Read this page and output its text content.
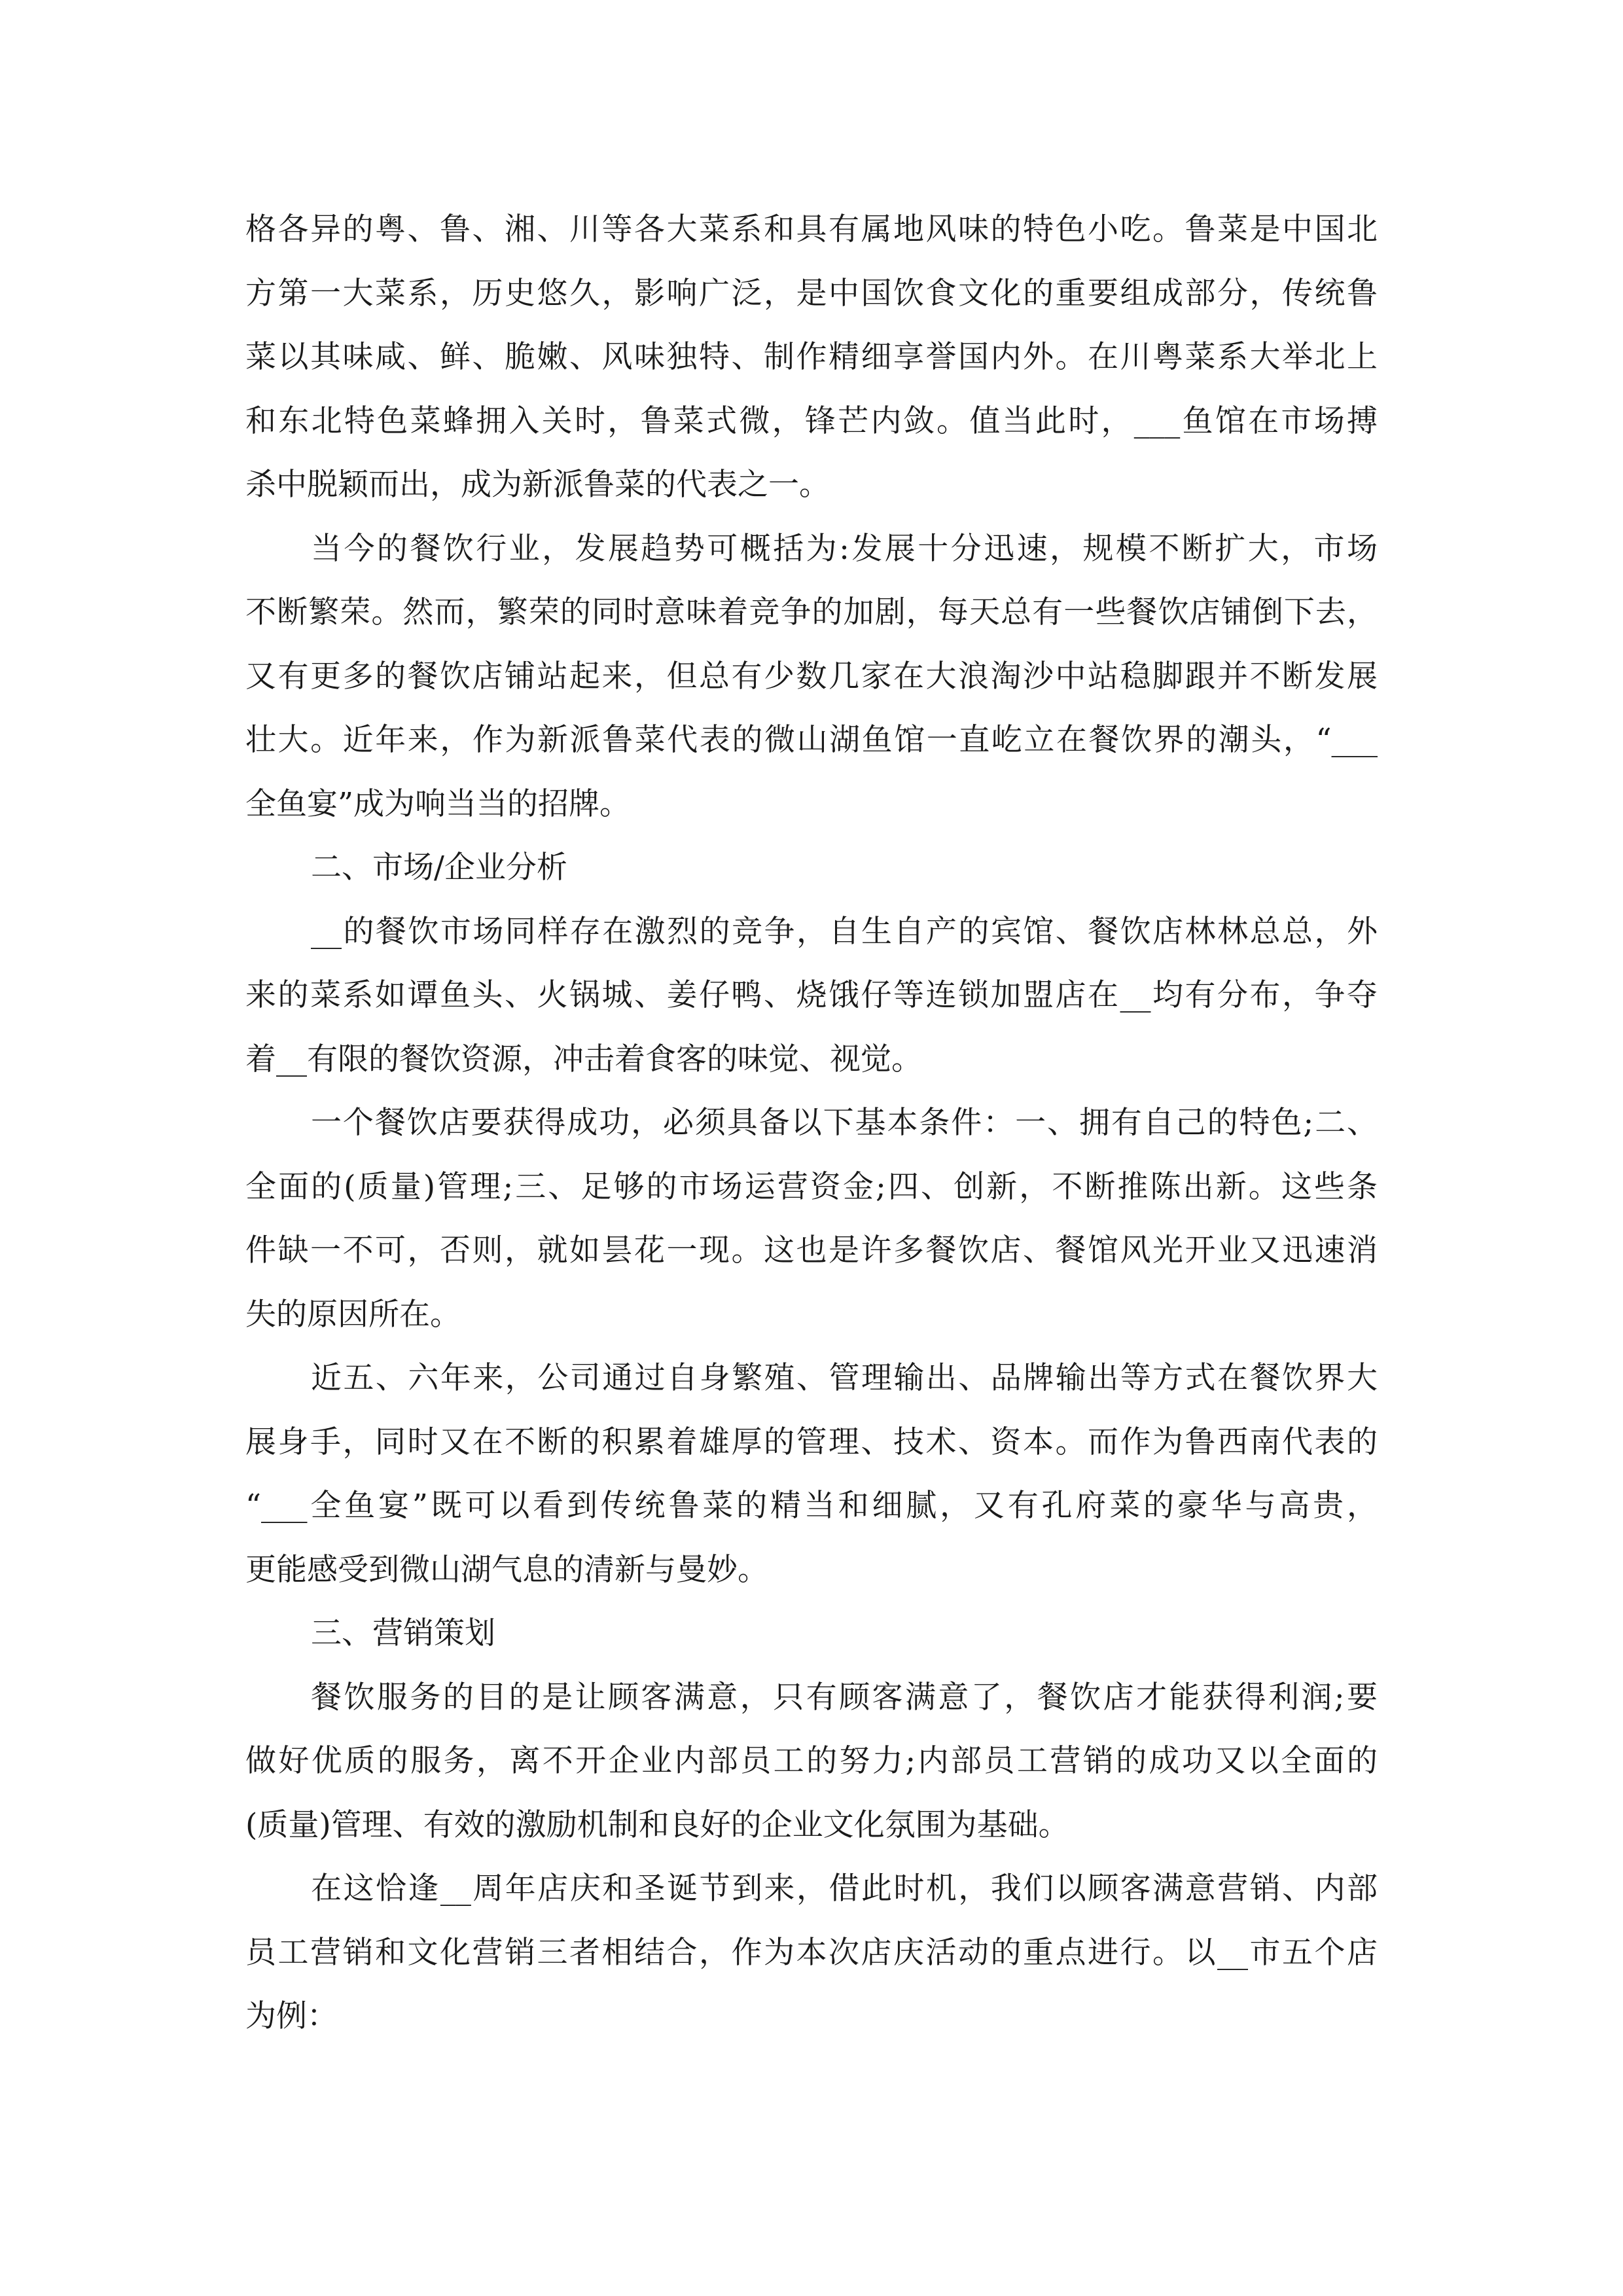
格各异的粤、鲁、湘、川等各大菜系和具有属地风味的特色小吃。鲁菜是中国北
方第一大菜系，历史悠久，影响广泛，是中国饮食文化的重要组成部分，传统鲁
菜以其味咸、鲜、脆嫩、风味独特、制作精细享誉国内外。在川粤菜系大举北上
和东北特色菜蜂拥入关时，鲁菜式微，锋芒内敛。值当此时，___鱼馆在市场搏
杀中脱颖而出，成为新派鲁菜的代表之一。
当今的餐饮行业，发展趋势可概括为:发展十分迅速，规模不断扩大，市场
不断繁荣。然而，繁荣的同时意味着竞争的加剧，每天总有一些餐饮店铺倒下去，
又有更多的餐饮店铺站起来，但总有少数几家在大浪淘沙中站稳脚跟并不断发展
壮大。近年来，作为新派鲁菜代表的微山湖鱼馆一直屹立在餐饮界的潮头，“___
全鱼宴”成为响当当的招牌。
二、市场/企业分析
__的餐饮市场同样存在激烈的竞争，自生自产的宾馆、餐饮店林林总总，外
来的菜系如谭鱼头、火锅城、姜仔鸭、烧饿仔等连锁加盟店在__均有分布，争夺
着__有限的餐饮资源，冲击着食客的味觉、视觉。
一个餐饮店要获得成功，必须具备以下基本条件：一、拥有自己的特色;二、
全面的(质量)管理;三、足够的市场运营资金;四、创新，不断推陈出新。这些条
件缺一不可，否则，就如昙花一现。这也是许多餐饮店、餐馆风光开业又迅速消
失的原因所在。
近五、六年来，公司通过自身繁殖、管理输出、品牌输出等方式在餐饮界大
展身手，同时又在不断的积累着雄厚的管理、技术、资本。而作为鲁西南代表的
“___全鱼宴”既可以看到传统鲁菜的精当和细腻，又有孔府菜的豪华与高贵，
更能感受到微山湖气息的清新与曼妙。
三、营销策划
餐饮服务的目的是让顾客满意，只有顾客满意了，餐饮店才能获得利润;要
做好优质的服务，离不开企业内部员工的努力;内部员工营销的成功又以全面的
(质量)管理、有效的激励机制和良好的企业文化氛围为基础。
在这恰逢__周年店庆和圣诞节到来，借此时机，我们以顾客满意营销、内部
员工营销和文化营销三者相结合，作为本次店庆活动的重点进行。以__市五个店
为例：
